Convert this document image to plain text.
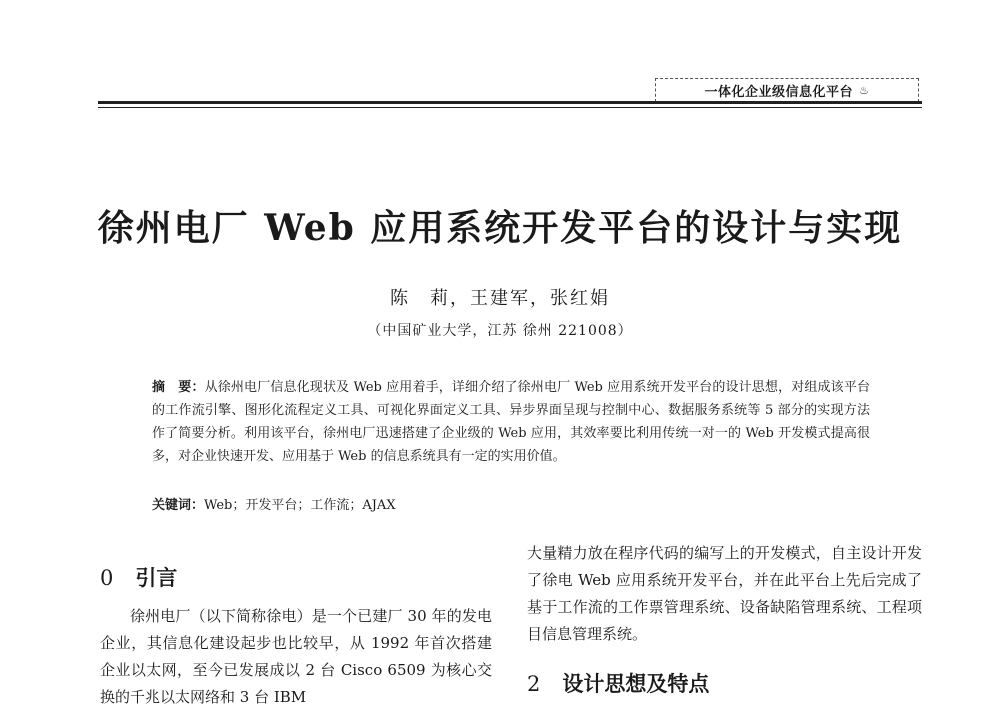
一体化企业级信息化平台 ♨
徐州电厂 Web 应用系统开发平台的设计与实现
陈　莉，王建军，张红娟
（中国矿业大学，江苏 徐州 221008）
摘　要：从徐州电厂信息化现状及 Web 应用着手，详细介绍了徐州电厂 Web 应用系统开发平台的设计思想，对组成该平台的工作流引擎、图形化流程定义工具、可视化界面定义工具、异步界面呈现与控制中心、数据服务系统等 5 部分的实现方法作了简要分析。利用该平台，徐州电厂迅速搭建了企业级的 Web 应用，其效率要比利用传统一对一的 Web 开发模式提高很多，对企业快速开发、应用基于 Web 的信息系统具有一定的实用价值。
关键词：Web；开发平台；工作流；AJAX
0 引言
徐州电厂（以下简称徐电）是一个已建厂 30 年的发电企业，其信息化建设起步也比较早，从 1992 年首次搭建企业以太网，至今已发展成以 2 台 Cisco 6509 为核心交换的千兆以太网络和 3 台 IBM
大量精力放在程序代码的编写上的开发模式，自主设计开发了徐电 Web 应用系统开发平台，并在此平台上先后完成了基于工作流的工作票管理系统、设备缺陷管理系统、工程项目信息管理系统。
2 设计思想及特点
